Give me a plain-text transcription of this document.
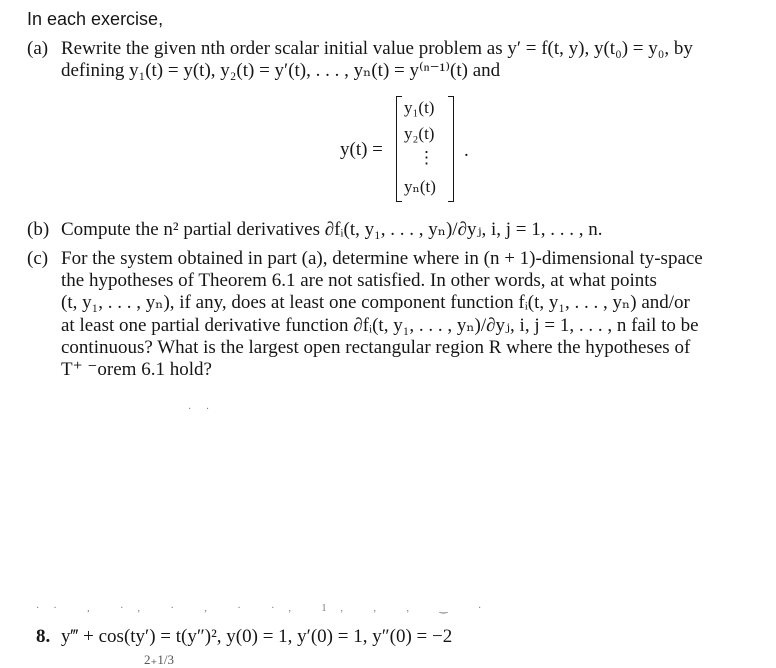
In each exercise,
(a) Rewrite the given nth order scalar initial value problem as y′ = f(t, y), y(t₀) = y₀, by
defining y₁(t) = y(t), y₂(t) = y′(t), . . . , yₙ(t) = y⁽ⁿ⁻¹⁾(t) and
y(t) =
y₁(t)
y₂(t)
⋮
yₙ(t)
.
(b) Compute the n² partial derivatives ∂fᵢ(t, y₁, . . . , yₙ)/∂yⱼ, i, j = 1, . . . , n.
(c) For the system obtained in part (a), determine where in (n + 1)-dimensional ty-space
the hypotheses of Theorem 6.1 are not satisfied. In other words, at what points
(t, y₁, . . . , yₙ), if any, does at least one component function fᵢ(t, y₁, . . . , yₙ) and/or
at least one partial derivative function ∂fᵢ(t, y₁, . . . , yₙ)/∂yⱼ, i, j = 1, . . . , n fail to be
continuous? What is the largest open rectangular region R where the hypotheses of
T⁺ ⁻orem 6.1 hold?
· ·
·· , ·, · , · ·, 1, , , ‿ ·
8. y‴ + cos(ty′) = t(y″)², y(0) = 1, y′(0) = 1, y″(0) = −2
2₊1/3
